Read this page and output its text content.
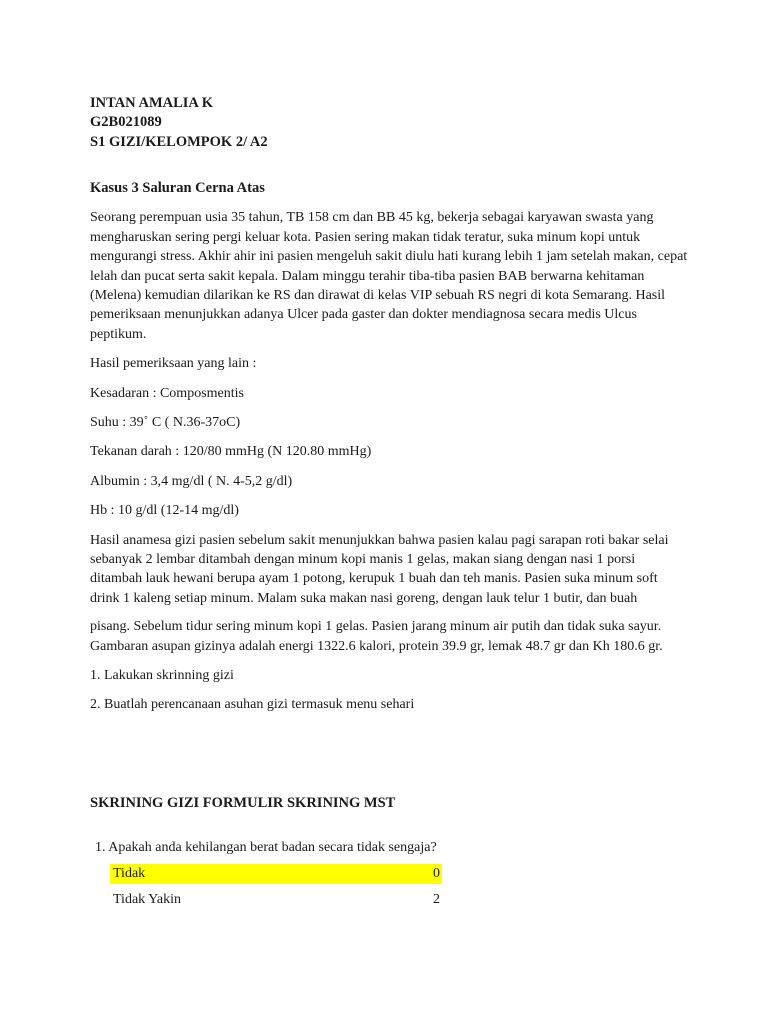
INTAN AMALIA K
G2B021089
S1 GIZI/KELOMPOK 2/ A2
Kasus 3 Saluran Cerna Atas

Seorang perempuan usia 35 tahun, TB 158 cm dan BB 45 kg, bekerja sebagai karyawan swasta yang mengharuskan sering pergi keluar kota. Pasien sering makan tidak teratur, suka minum kopi untuk mengurangi stress. Akhir ahir ini pasien mengeluh sakit diulu hati kurang lebih 1 jam setelah makan, cepat lelah dan pucat serta sakit kepala. Dalam minggu terahir tiba-tiba pasien BAB berwarna kehitaman (Melena) kemudian dilarikan ke RS dan dirawat di kelas VIP sebuah RS negri di kota Semarang. Hasil pemeriksaan menunjukkan adanya Ulcer pada gaster dan dokter mendiagnosa secara medis Ulcus peptikum.

Hasil pemeriksaan yang lain :

Kesadaran : Composmentis

Suhu : 39˚ C ( N.36-37oC)

Tekanan darah : 120/80 mmHg (N 120.80 mmHg)

Albumin : 3,4 mg/dl ( N. 4-5,2 g/dl)

Hb : 10 g/dl (12-14 mg/dl)

Hasil anamesa gizi pasien sebelum sakit menunjukkan bahwa pasien kalau pagi sarapan roti bakar selai sebanyak 2 lembar ditambah dengan minum kopi manis 1 gelas, makan siang dengan nasi 1 porsi ditambah lauk hewani berupa ayam 1 potong, kerupuk 1 buah dan teh manis. Pasien suka minum soft drink 1 kaleng setiap minum. Malam suka makan nasi goreng, dengan lauk telur 1 butir, dan buah

pisang. Sebelum tidur sering minum kopi 1 gelas. Pasien jarang minum air putih dan tidak suka sayur. Gambaran asupan gizinya adalah energi 1322.6 kalori, protein 39.9 gr, lemak 48.7 gr dan Kh 180.6 gr.

1. Lakukan skrinning gizi

2. Buatlah perencanaan asuhan gizi termasuk menu sehari

SKRINING GIZI FORMULIR SKRINING MST
1. Apakah anda kehilangan berat badan secara tidak sengaja?
Tidak	0
Tidak Yakin	2
